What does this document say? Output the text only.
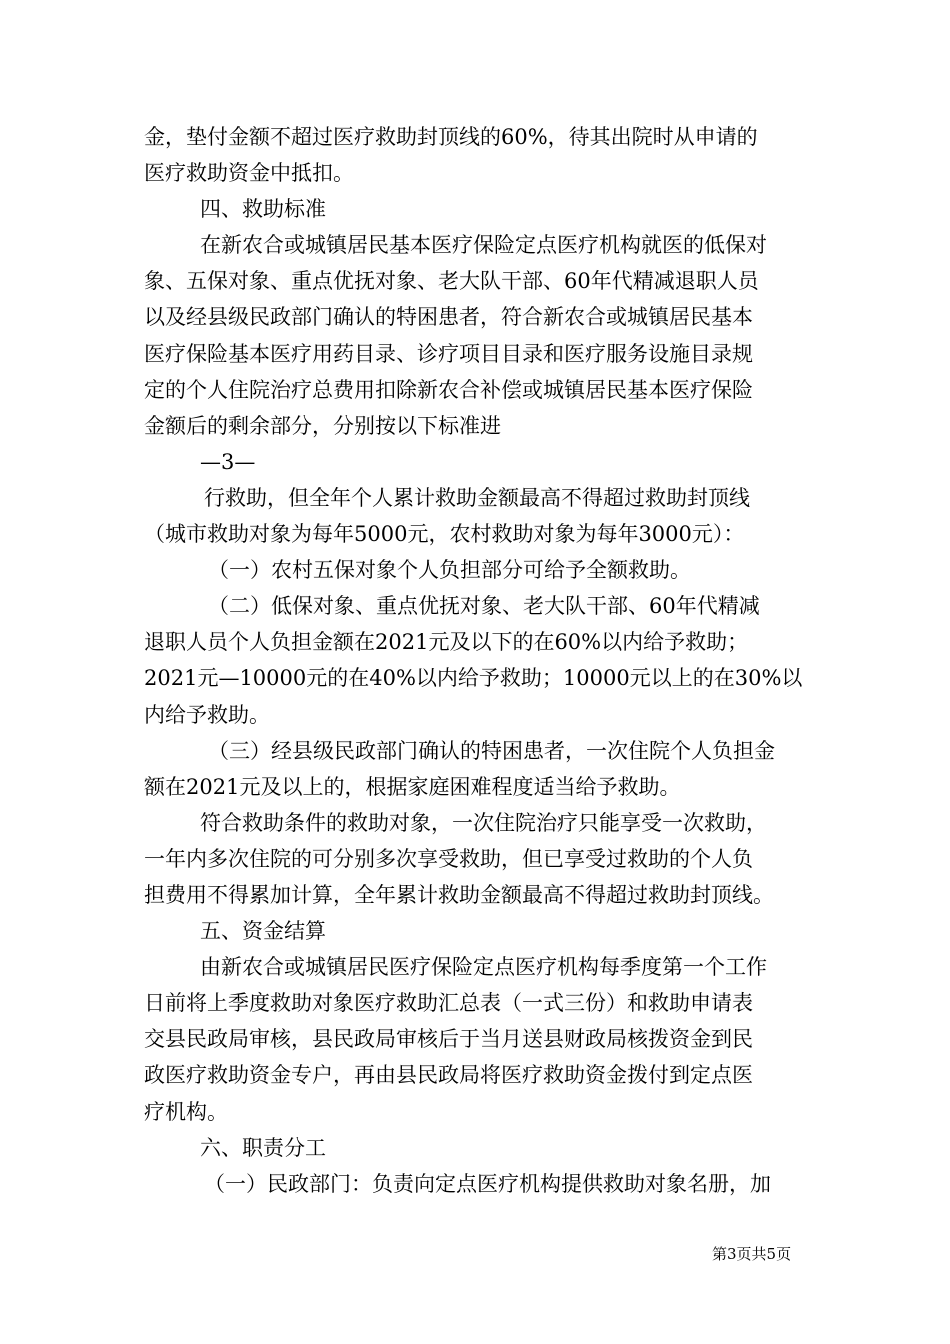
金，垫付金额不超过医疗救助封顶线的60%，待其出院时从申请的
医疗救助资金中抵扣。
四、救助标准
在新农合或城镇居民基本医疗保险定点医疗机构就医的低保对
象、五保对象、重点优抚对象、老大队干部、60年代精减退职人员
以及经县级民政部门确认的特困患者，符合新农合或城镇居民基本
医疗保险基本医疗用药目录、诊疗项目目录和医疗服务设施目录规
定的个人住院治疗总费用扣除新农合补偿或城镇居民基本医疗保险
金额后的剩余部分，分别按以下标准进
—3—
行救助，但全年个人累计救助金额最高不得超过救助封顶线
（城市救助对象为每年5000元，农村救助对象为每年3000元）：
（一）农村五保对象个人负担部分可给予全额救助。
（二）低保对象、重点优抚对象、老大队干部、60年代精减
退职人员个人负担金额在2021元及以下的在60%以内给予救助；
2021元—10000元的在40%以内给予救助；10000元以上的在30%以
内给予救助。
（三）经县级民政部门确认的特困患者，一次住院个人负担金
额在2021元及以上的，根据家庭困难程度适当给予救助。
符合救助条件的救助对象，一次住院治疗只能享受一次救助，
一年内多次住院的可分别多次享受救助，但已享受过救助的个人负
担费用不得累加计算，全年累计救助金额最高不得超过救助封顶线。
五、资金结算
由新农合或城镇居民医疗保险定点医疗机构每季度第一个工作
日前将上季度救助对象医疗救助汇总表（一式三份）和救助申请表
交县民政局审核，县民政局审核后于当月送县财政局核拨资金到民
政医疗救助资金专户，再由县民政局将医疗救助资金拨付到定点医
疗机构。
六、职责分工
（一）民政部门：负责向定点医疗机构提供救助对象名册，加
第3页共5页
